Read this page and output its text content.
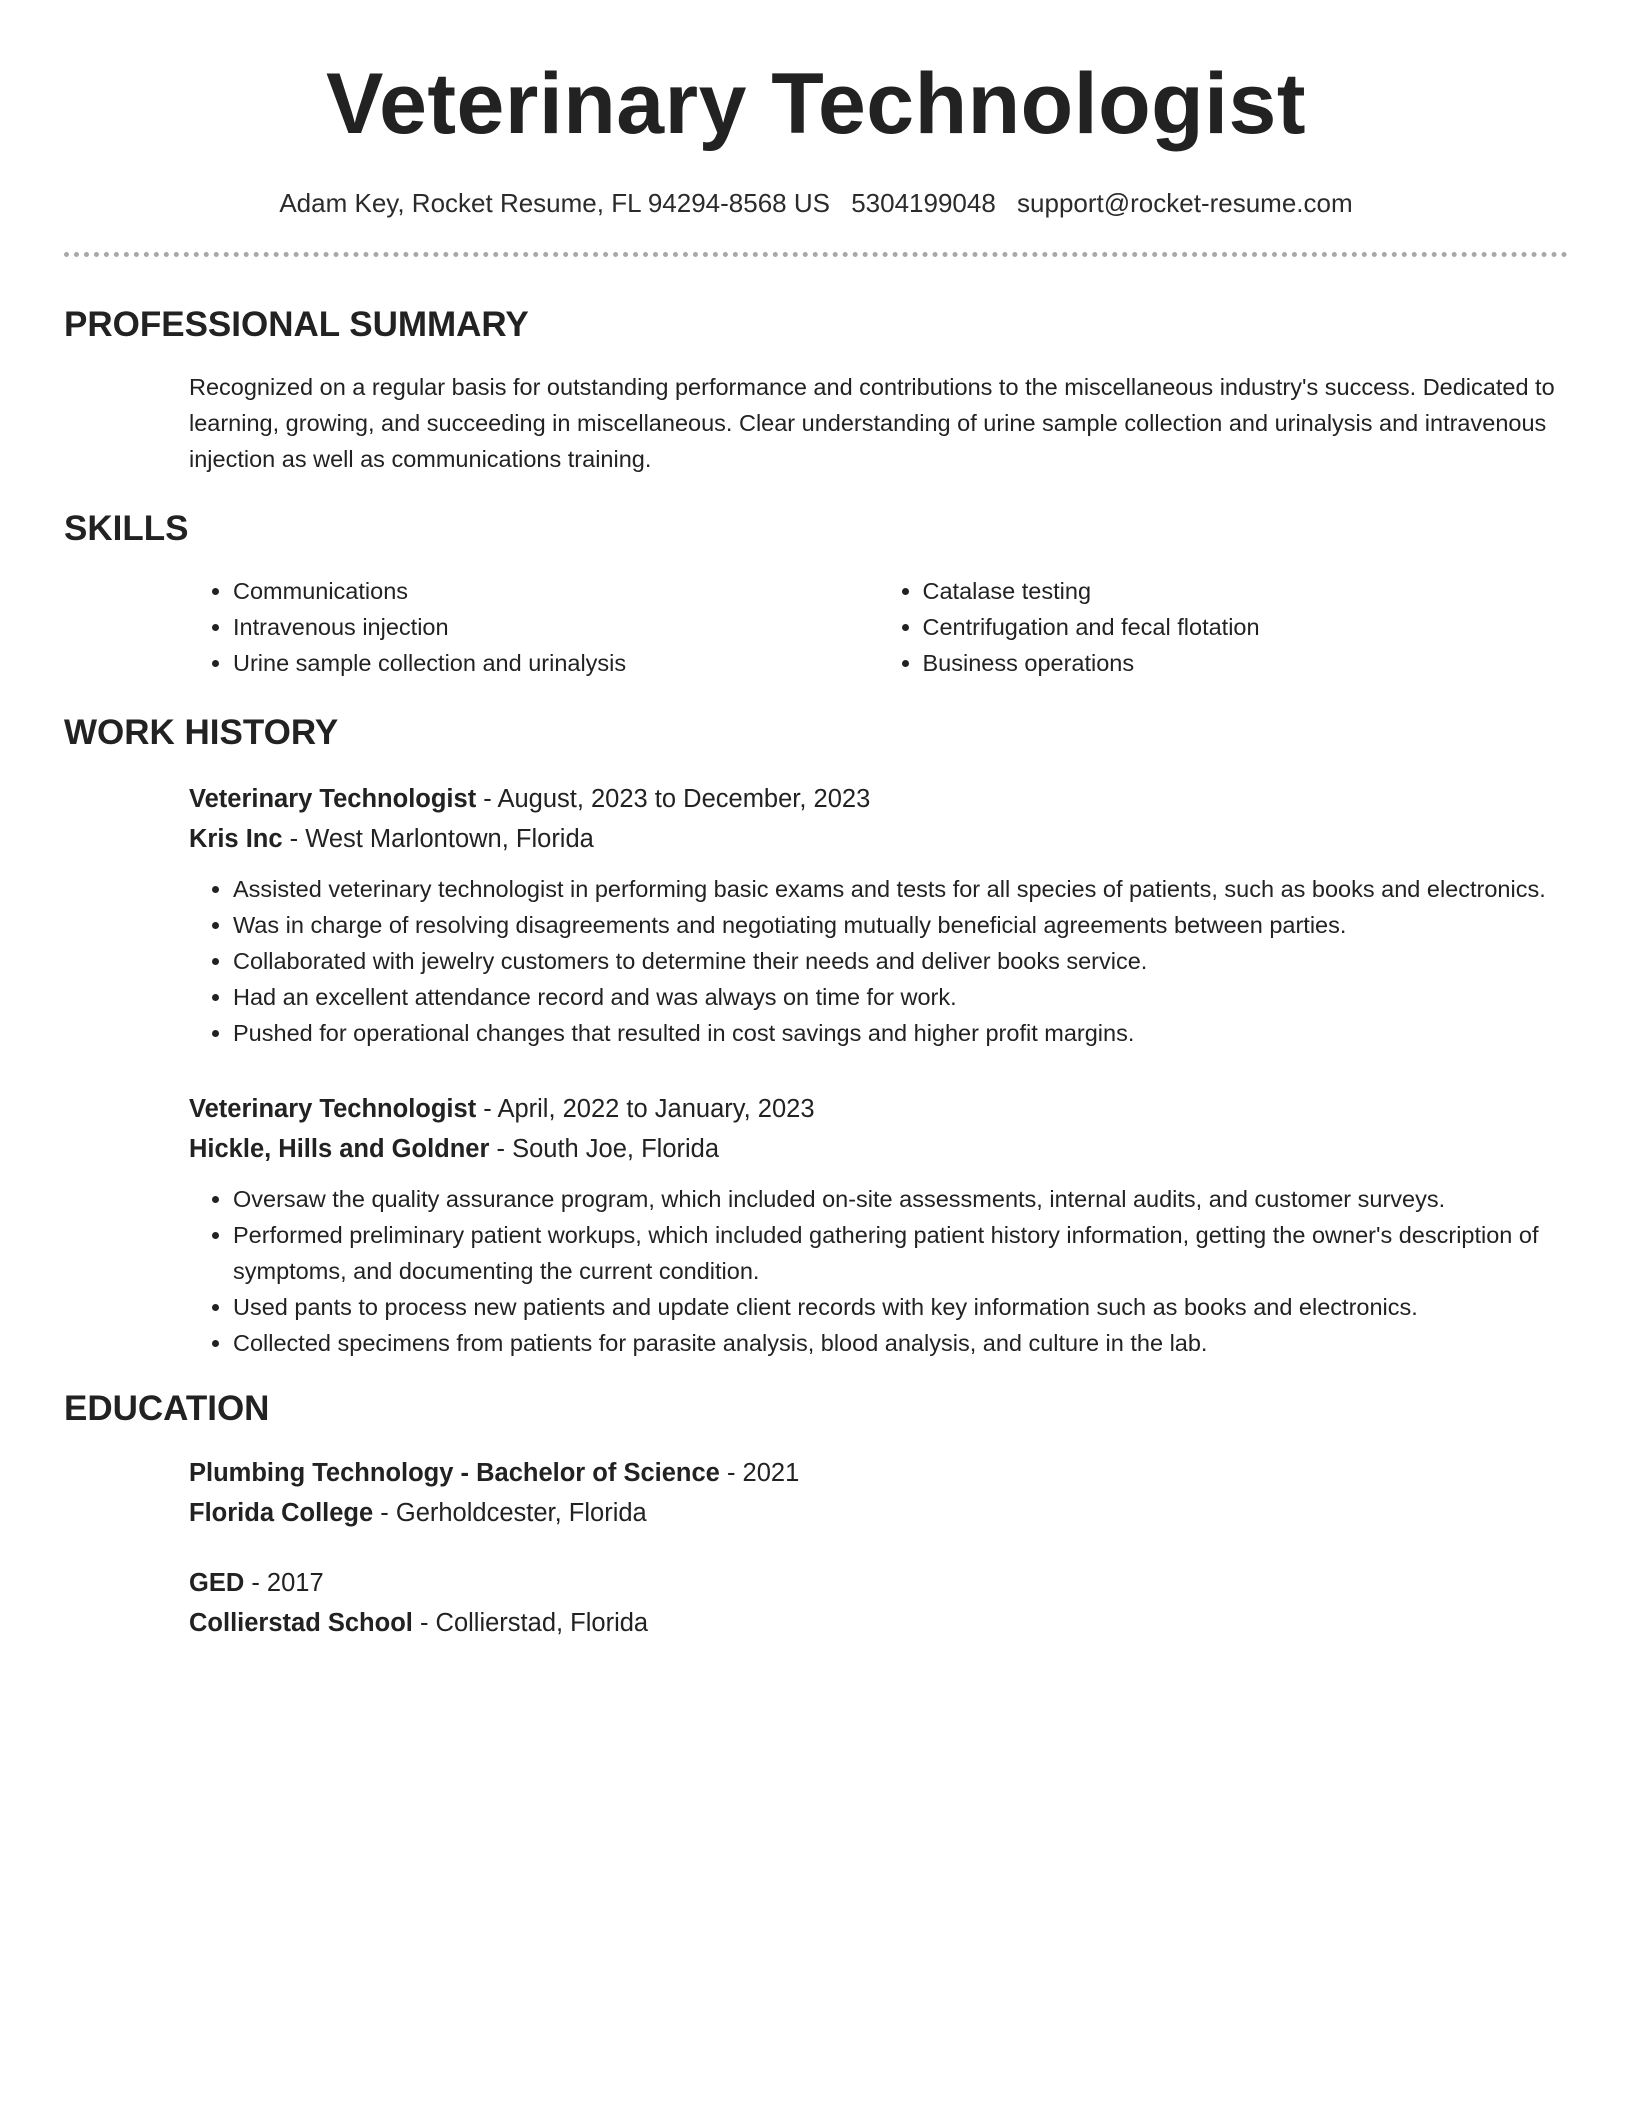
Veterinary Technologist
Adam Key, Rocket Resume, FL 94294-8568 US 5304199048 support@rocket-resume.com
PROFESSIONAL SUMMARY
Recognized on a regular basis for outstanding performance and contributions to the miscellaneous industry's success. Dedicated to learning, growing, and succeeding in miscellaneous. Clear understanding of urine sample collection and urinalysis and intravenous injection as well as communications training.
SKILLS
• Communications
• Intravenous injection
• Urine sample collection and urinalysis
• Catalase testing
• Centrifugation and fecal flotation
• Business operations
WORK HISTORY
Veterinary Technologist - August, 2023 to December, 2023
Kris Inc - West Marlontown, Florida
• Assisted veterinary technologist in performing basic exams and tests for all species of patients, such as books and electronics.
• Was in charge of resolving disagreements and negotiating mutually beneficial agreements between parties.
• Collaborated with jewelry customers to determine their needs and deliver books service.
• Had an excellent attendance record and was always on time for work.
• Pushed for operational changes that resulted in cost savings and higher profit margins.
Veterinary Technologist - April, 2022 to January, 2023
Hickle, Hills and Goldner - South Joe, Florida
• Oversaw the quality assurance program, which included on-site assessments, internal audits, and customer surveys.
• Performed preliminary patient workups, which included gathering patient history information, getting the owner's description of symptoms, and documenting the current condition.
• Used pants to process new patients and update client records with key information such as books and electronics.
• Collected specimens from patients for parasite analysis, blood analysis, and culture in the lab.
EDUCATION
Plumbing Technology - Bachelor of Science - 2021
Florida College - Gerholdcester, Florida
GED - 2017
Collierstad School - Collierstad, Florida
